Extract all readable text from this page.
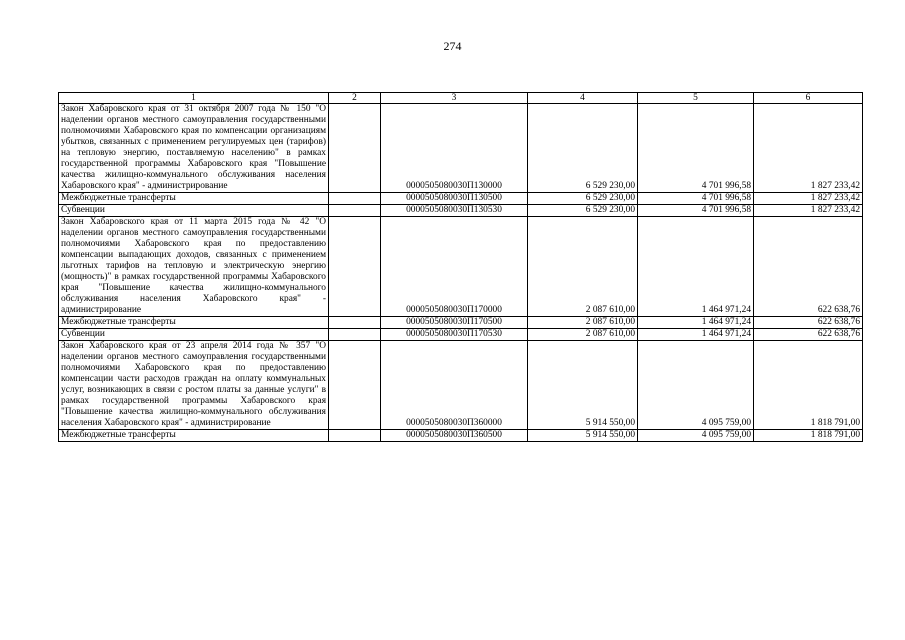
274
1	2	3	4	5	6
Закон Хабаровского края от 31 октября 2007 года № 150 "О наделении органов местного самоуправления государственными полномочиями Хабаровского края по компенсации организациям убытков, связанных с применением регулируемых цен (тарифов) на тепловую энергию, поставляемую населению" в рамках государственной программы Хабаровского края "Повышение качества жилищно-коммунального обслуживания населения Хабаровского края" - администрирование		0000505080030П130000	6 529 230,00	4 701 996,58	1 827 233,42
Межбюджетные трансферты		0000505080030П130500	6 529 230,00	4 701 996,58	1 827 233,42
Субвенции		0000505080030П130530	6 529 230,00	4 701 996,58	1 827 233,42
Закон Хабаровского края от 11 марта 2015 года № 42 "О наделении органов местного самоуправления государственными полномочиями Хабаровского края по предоставлению компенсации выпадающих доходов, связанных с применением льготных тарифов на тепловую и электрическую энергию (мощность)" в рамках государственной программы Хабаровского края "Повышение качества жилищно-коммунального обслуживания населения Хабаровского края" - администрирование		0000505080030П170000	2 087 610,00	1 464 971,24	622 638,76
Межбюджетные трансферты		0000505080030П170500	2 087 610,00	1 464 971,24	622 638,76
Субвенции		0000505080030П170530	2 087 610,00	1 464 971,24	622 638,76
Закон Хабаровского края от 23 апреля 2014 года № 357 "О наделении органов местного самоуправления государственными полномочиями Хабаровского края по предоставлению компенсации части расходов граждан на оплату коммунальных услуг, возникающих в связи с ростом платы за данные услуги" в рамках государственной программы Хабаровского края "Повышение качества жилищно-коммунального обслуживания населения Хабаровского края" - администрирование		0000505080030П360000	5 914 550,00	4 095 759,00	1 818 791,00
Межбюджетные трансферты		0000505080030П360500	5 914 550,00	4 095 759,00	1 818 791,00
